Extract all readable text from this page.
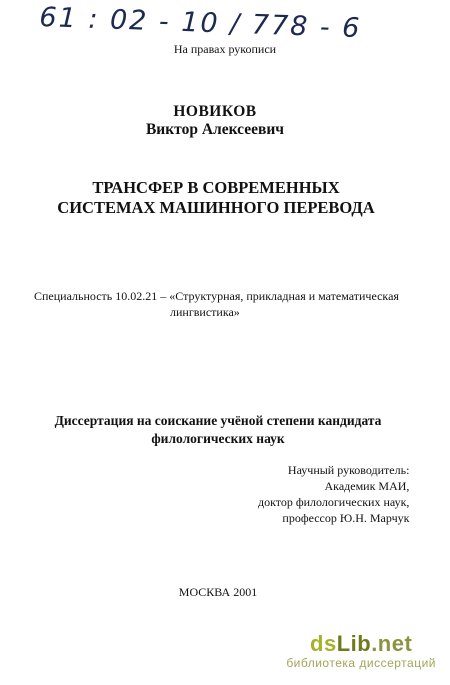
61 : 02 - 10 / 778 - 6
На правах рукописи
НОВИКОВ
Виктор Алексеевич
ТРАНСФЕР В СОВРЕМЕННЫХ
СИСТЕМАХ МАШИННОГО ПЕРЕВОДА
Специальность 10.02.21 – «Структурная, прикладная и математическая
лингвистика»
Диссертация на соискание учёной степени кандидата
филологических наук
Научный руководитель:
Академик МАИ,
доктор филологических наук,
профессор Ю.Н. Марчук
МОСКВА 2001
dsLib.net
библиотека диссертаций
